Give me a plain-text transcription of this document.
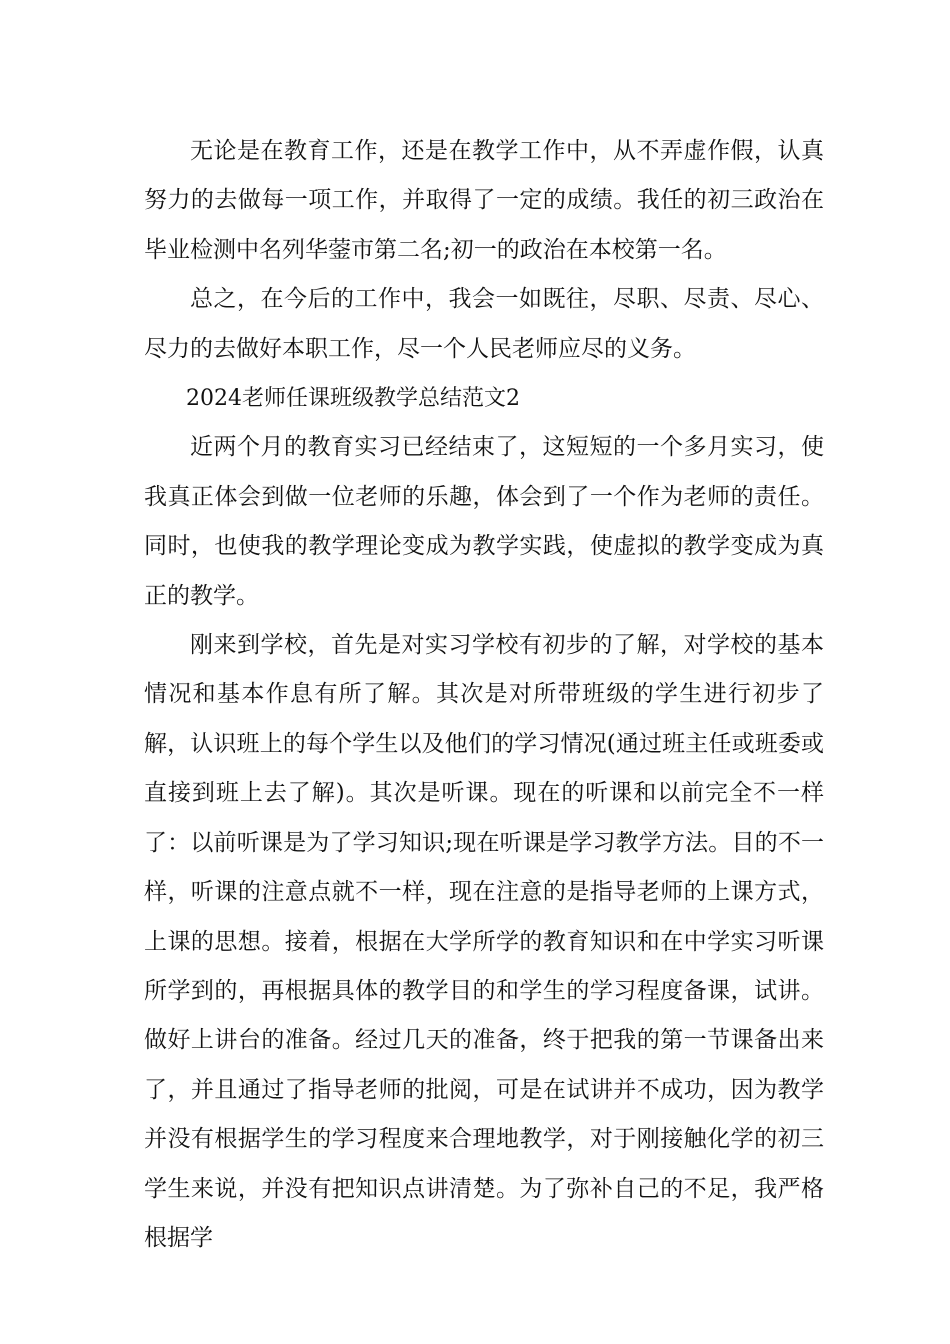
无论是在教育工作，还是在教学工作中，从不弄虚作假，认真努力的去做每一项工作，并取得了一定的成绩。我任的初三政治在毕业检测中名列华蓥市第二名;初一的政治在本校第一名。

总之，在今后的工作中，我会一如既往，尽职、尽责、尽心、尽力的去做好本职工作，尽一个人民老师应尽的义务。

2024老师任课班级教学总结范文2

近两个月的教育实习已经结束了，这短短的一个多月实习，使我真正体会到做一位老师的乐趣，体会到了一个作为老师的责任。同时，也使我的教学理论变成为教学实践，使虚拟的教学变成为真正的教学。

刚来到学校，首先是对实习学校有初步的了解，对学校的基本情况和基本作息有所了解。其次是对所带班级的学生进行初步了解，认识班上的每个学生以及他们的学习情况(通过班主任或班委或直接到班上去了解)。其次是听课。现在的听课和以前完全不一样了：以前听课是为了学习知识;现在听课是学习教学方法。目的不一样，听课的注意点就不一样，现在注意的是指导老师的上课方式，上课的思想。接着，根据在大学所学的教育知识和在中学实习听课所学到的，再根据具体的教学目的和学生的学习程度备课，试讲。做好上讲台的准备。经过几天的准备，终于把我的第一节课备出来了，并且通过了指导老师的批阅，可是在试讲并不成功，因为教学并没有根据学生的学习程度来合理地教学，对于刚接触化学的初三学生来说，并没有把知识点讲清楚。为了弥补自己的不足，我严格根据学
